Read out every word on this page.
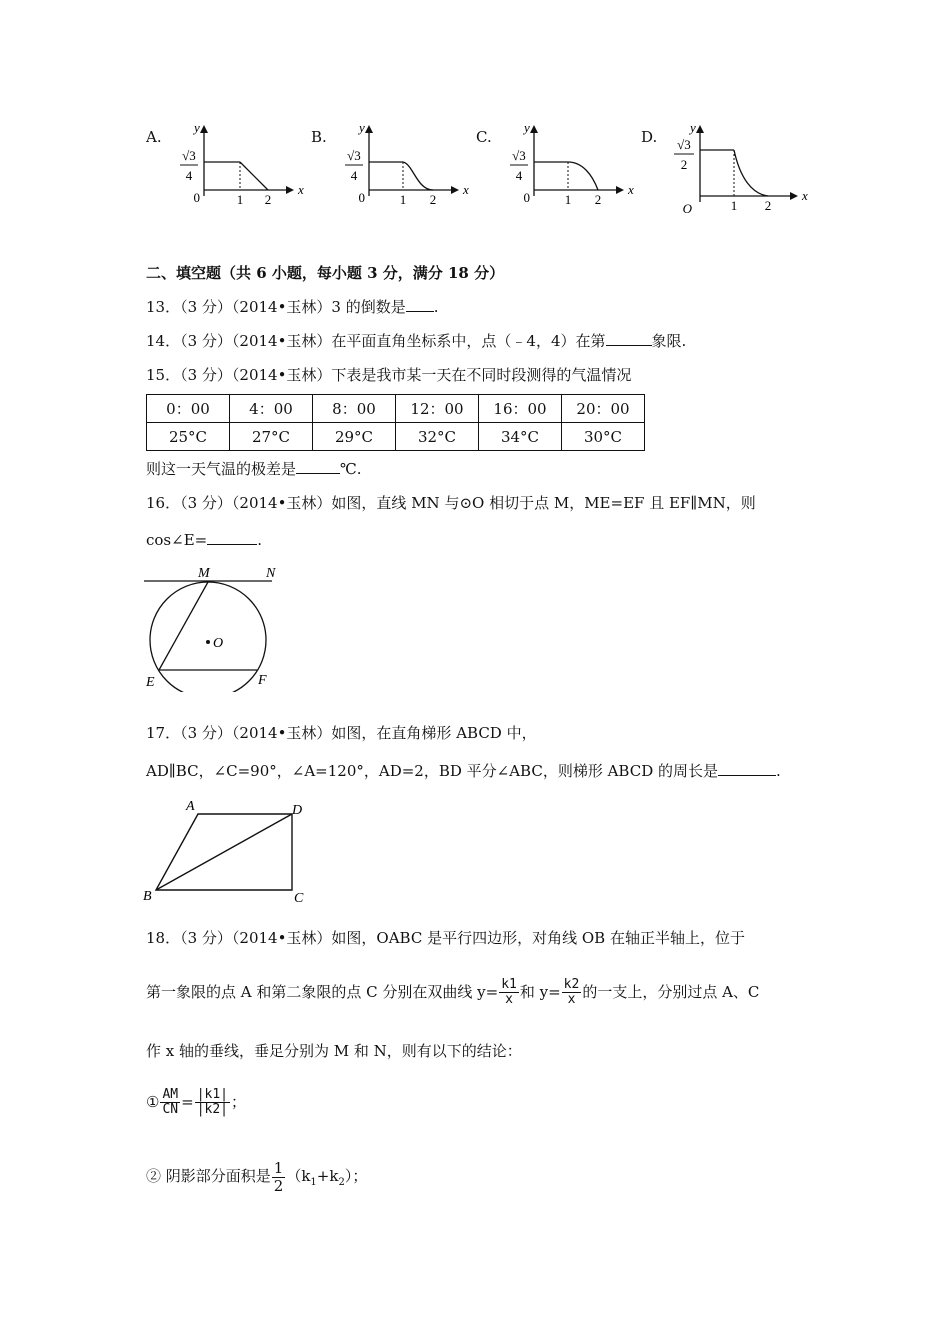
A.
√3
4
0	1 2
x
y
B.
√3
4
0	1 2
x
y
C.
√3
4
0	1 2
x
y
D. √3
2
O	1 2
x
y
二、填空题（共 6 小题，每小题 3 分，满分 18 分）
13．（3 分）（2014•玉林）3 的倒数是 .
14．（3 分）（2014•玉林）在平面直角坐标系中，点（﹣4，4）在第	象限.
15．（3 分）（2014•玉林）下表是我市某一天在不同时段测得的气温情况
0：00	4：00	8：00	12：00	16：00	20：00
25°C	27°C	29°C	32°C	34°C	30°C
则这一天气温的极差是	℃.
16．（3 分）（2014•玉林）如图，直线 MN 与⊙O 相切于点 M，ME=EF 且 EF∥MN，则
cos∠E=	.
M	N
O
E	F
17．（3 分）（2014•玉林）如图，在直角梯形 ABCD 中，
AD∥BC，∠C=90°，∠A=120°，AD=2，BD 平分∠ABC，则梯形 ABCD 的周长是	.
A	D
B	C
18．（3 分）（2014•玉林）如图，OABC 是平行四边形，对角线 OB 在轴正半轴上，位于
第一象限的点 A 和第二象限的点 C 分别在双曲线 $y= \frac{k1}{x}$ 和 $y= \frac{k2}{x}$ 的一支上，分别过点 A、C
作 x 轴的垂线，垂足分别为 M 和 N，则有以下的结论：
① $\frac{AM}{CN} = \frac{|k1|}{|k2|}$ ；
② 阴影部分面积是 $\frac{1}{2} (k_1+k_2)$；
